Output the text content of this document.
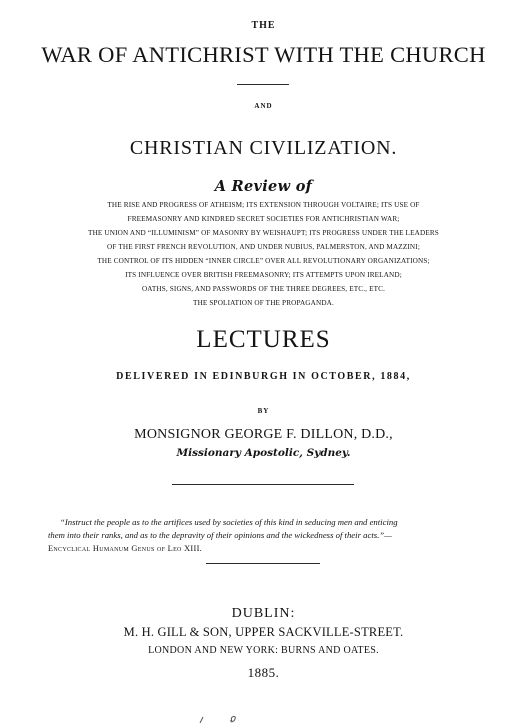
THE
WAR OF ANTICHRIST WITH THE CHURCH
AND
CHRISTIAN CIVILIZATION.
A Review of
THE RISE AND PROGRESS OF ATHEISM; ITS EXTENSION THROUGH VOLTAIRE; ITS USE OF
FREEMASONRY AND KINDRED SECRET SOCIETIES FOR ANTICHRISTIAN WAR;
THE UNION AND “ILLUMINISM” OF MASONRY BY WEISHAUPT; ITS PROGRESS UNDER THE LEADERS
OF THE FIRST FRENCH REVOLUTION, AND UNDER NUBIUS, PALMERSTON, AND MAZZINI;
THE CONTROL OF ITS HIDDEN “INNER CIRCLE” OVER ALL REVOLUTIONARY ORGANIZATIONS;
ITS INFLUENCE OVER BRITISH FREEMASONRY; ITS ATTEMPTS UPON IRELAND;
OATHS, SIGNS, AND PASSWORDS OF THE THREE DEGREES, ETC., ETC.
THE SPOLIATION OF THE PROPAGANDA.
LECTURES
DELIVERED IN EDINBURGH IN OCTOBER, 1884,
BY
MONSIGNOR GEORGE F. DILLON, D.D.,
Missionary Apostolic, Sydney.
“Instruct the people as to the artifices used by societies of this kind in seducing men and enticing
them into their ranks, and as to the depravity of their opinions and the wickedness of their acts.”—
Encyclical Humanum Genus of Leo XIII.
DUBLIN:
M. H. GILL & SON, UPPER SACKVILLE-STREET.
LONDON AND NEW YORK: BURNS AND OATES.
1885.
